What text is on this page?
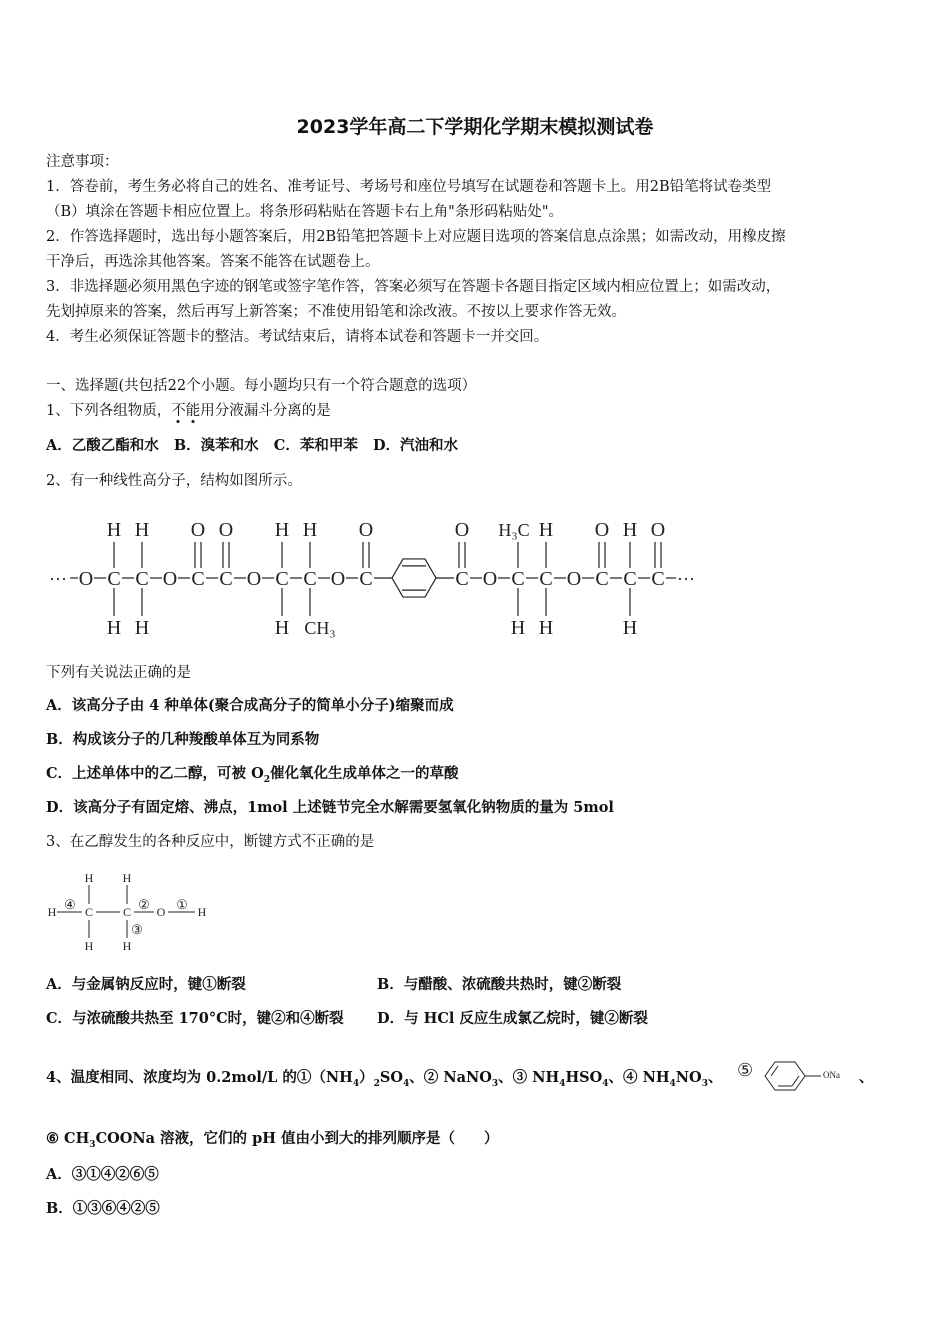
2023学年高二下学期化学期末模拟测试卷
注意事项：
1．答卷前，考生务必将自己的姓名、准考证号、考场号和座位号填写在试题卷和答题卡上。用2B铅笔将试卷类型
（B）填涂在答题卡相应位置上。将条形码粘贴在答题卡右上角"条形码粘贴处"。
2．作答选择题时，选出每小题答案后，用2B铅笔把答题卡上对应题目选项的答案信息点涂黑；如需改动，用橡皮擦
干净后，再选涂其他答案。答案不能答在试题卷上。
3．非选择题必须用黑色字迹的钢笔或签字笔作答，答案必须写在答题卡各题目指定区域内相应位置上；如需改动，
先划掉原来的答案，然后再写上新答案；不准使用铅笔和涂改液。不按以上要求作答无效。
4．考生必须保证答题卡的整洁。考试结束后，请将本试卷和答题卡一并交回。
一、选择题(共包括22个小题。每小题均只有一个符合题意的选项）
1、下列各组物质，不能用分液漏斗分离的是
A．乙酸乙酯和水   B．溴苯和水   C．苯和甲苯   D．汽油和水
2、有一种线性高分子，结构如图所示。
···	···
O C C O C C O C C O C	C O C C O C C C
H H O O H H O	O H₃C H O H O
H H	H CH₃	H H	H
下列有关说法正确的是
A．该高分子由 4 种单体(聚合成高分子的简单小分子)缩聚而成
B．构成该分子的几种羧酸单体互为同系物
C．上述单体中的乙二醇，可被 $O_2$催化氧化生成单体之一的草酸
D．该高分子有固定熔、沸点，1mol 上述链节完全水解需要氢氧化钠物质的量为 5mol
3、在乙醇发生的各种反应中，断键方式不正确的是
H C C O	H
H H
H H
④	② ①
③
A．与金属钠反应时，键①断裂	B．与醋酸、浓硫酸共热时，键②断裂
C．与浓硫酸共热至 170°C时，键②和④断裂 D．与 HCl 反应生成氯乙烷时，键②断裂
4、温度相同、浓度均为 0.2mol/L 的$①(NH_4)_2SO_4$、② NaNO$_3$、③ $NH_4HSO_4$、④ $NH_4NO_3$、 ⑤	ONa 、
⑥ $CH_3COONa$ 溶液，它们的 pH 值由小到大的排列顺序是（　　）
A．③①④②⑥⑤
B．①③⑥④②⑤
